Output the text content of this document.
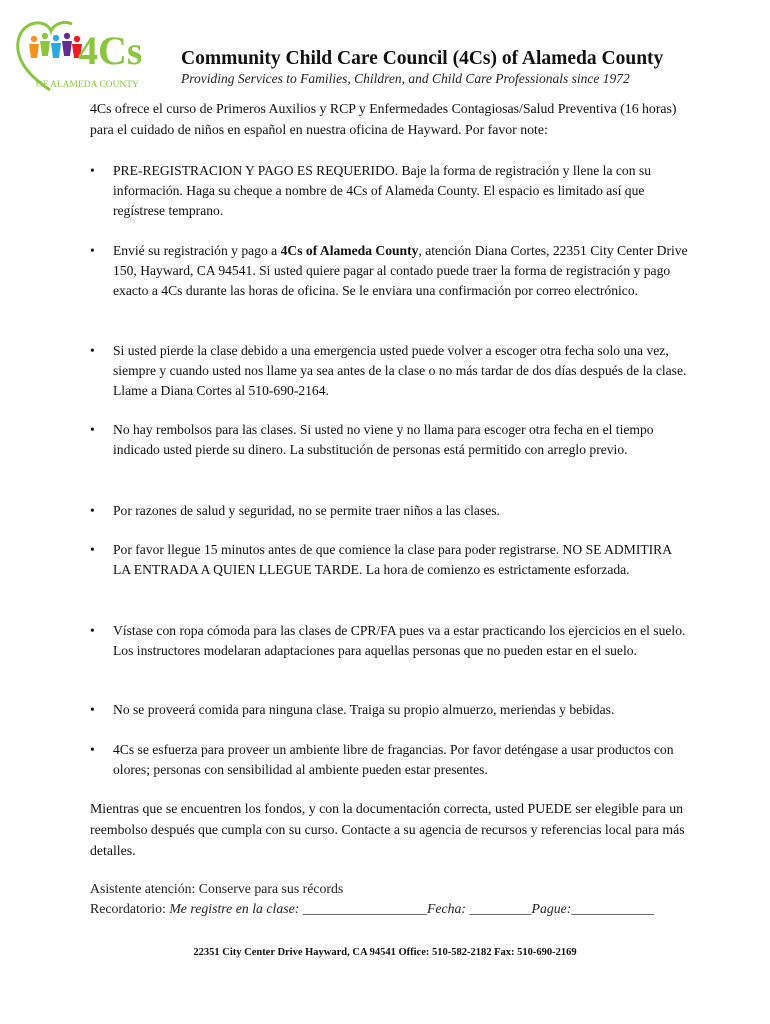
4Cs
OF ALAMEDA COUNTY
Community Child Care Council (4Cs) of Alameda County
Providing Services to Families, Children, and Child Care Professionals since 1972

4Cs ofrece el curso de Primeros Auxilios y RCP y Enfermedades Contagiosas/Salud Preventiva (16 horas) para el cuidado de niños en español en nuestra oficina de Hayward. Por favor note:

•	PRE-REGISTRACION Y PAGO ES REQUERIDO. Baje la forma de registración y llene la con su información. Haga su cheque a nombre de 4Cs of Alameda County. El espacio es limitado así que regístrese temprano.
•	Envié su registración y pago a 4Cs of Alameda County, atención Diana Cortes, 22351 City Center Drive 150, Hayward, CA 94541. Si usted quiere pagar al contado puede traer la forma de registración y pago exacto a 4Cs durante las horas de oficina. Se le enviara una confirmación por correo electrónico.
•	Si usted pierde la clase debido a una emergencia usted puede volver a escoger otra fecha solo una vez, siempre y cuando usted nos llame ya sea antes de la clase o no más tardar de dos días después de la clase. Llame a Diana Cortes al 510-690-2164.
•	No hay rembolsos para las clases. Si usted no viene y no llama para escoger otra fecha en el tiempo indicado usted pierde su dinero. La substitución de personas está permitido con arreglo previo.
•	Por razones de salud y seguridad, no se permite traer niños a las clases.
•	Por favor llegue 15 minutos antes de que comience la clase para poder registrarse. NO SE ADMITIRA LA ENTRADA A QUIEN LLEGUE TARDE. La hora de comienzo es estrictamente esforzada.
•	Vístase con ropa cómoda para las clases de CPR/FA pues va a estar practicando los ejercicios en el suelo. Los instructores modelaran adaptaciones para aquellas personas que no pueden estar en el suelo.
•	No se proveerá comida para ninguna clase. Traiga su propio almuerzo, meriendas y bebidas.
•	4Cs se esfuerza para proveer un ambiente libre de fragancias. Por favor deténgase a usar productos con olores; personas con sensibilidad al ambiente pueden estar presentes.

Mientras que se encuentren los fondos, y con la documentación correcta, usted PUEDE ser elegible para un reembolso después que cumpla con su curso. Contacte a su agencia de recursos y referencias local para más detalles.

Asistente atención: Conserve para sus récords
Recordatorio: Me registre en la clase: __________________Fecha: _________Pague:____________
22351 City Center Drive Hayward, CA 94541 Office: 510-582-2182 Fax: 510-690-2169
